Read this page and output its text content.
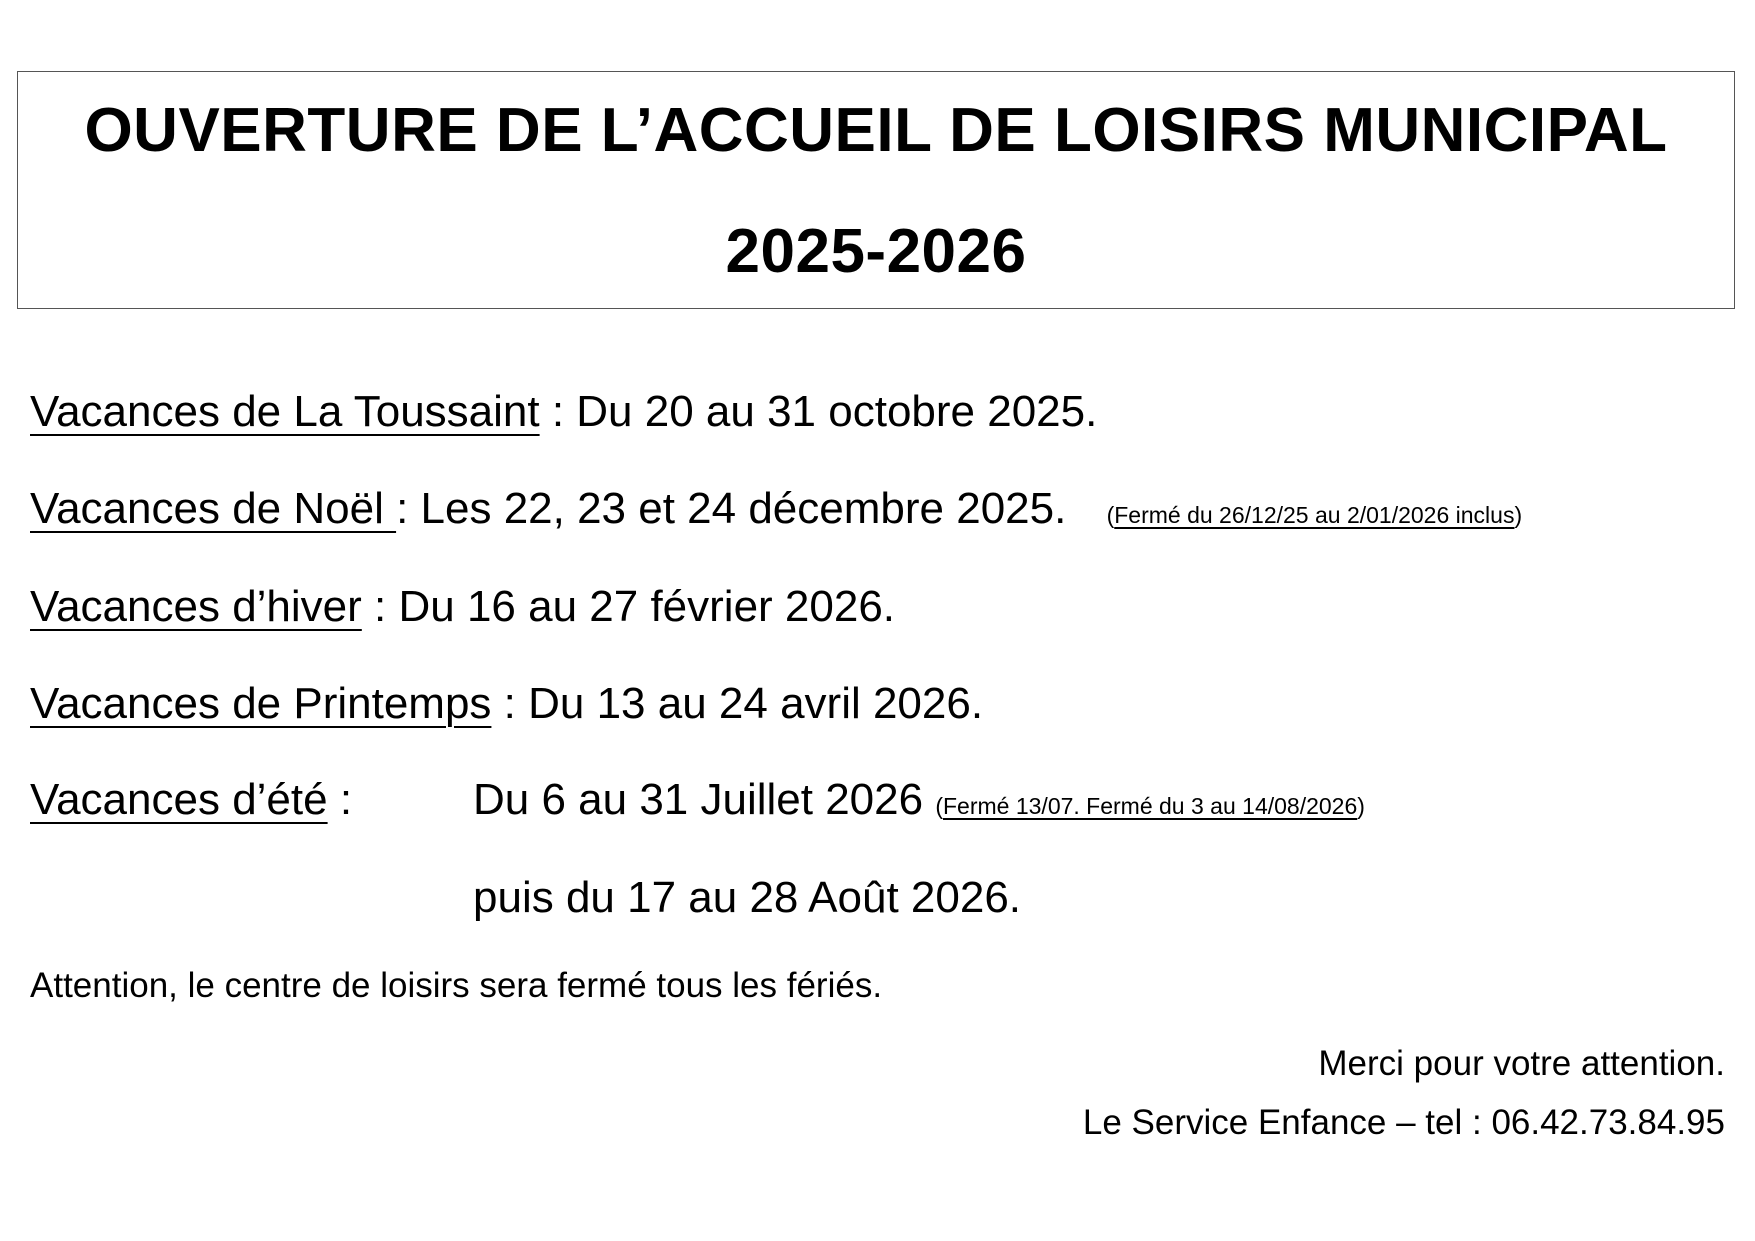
OUVERTURE DE L’ACCUEIL DE LOISIRS MUNICIPAL
2025-2026
Vacances de La Toussaint : Du 20 au 31 octobre 2025.
Vacances de Noël : Les 22, 23 et 24 décembre 2025. (Fermé du 26/12/25 au 2/01/2026 inclus)
Vacances d’hiver : Du 16 au 27 février 2026.
Vacances de Printemps : Du 13 au 24 avril 2026.
Vacances d’été :	Du 6 au 31 Juillet 2026 (Fermé 13/07. Fermé du 3 au 14/08/2026)
puis du 17 au 28 Août 2026.
Attention, le centre de loisirs sera fermé tous les fériés.
Merci pour votre attention.
Le Service Enfance – tel : 06.42.73.84.95
